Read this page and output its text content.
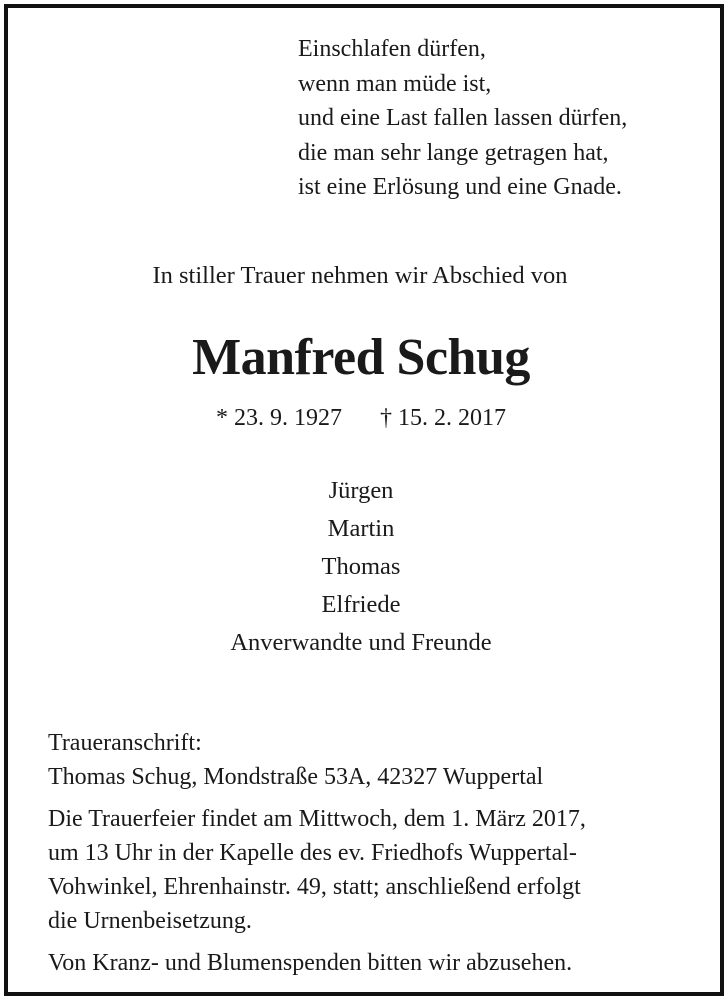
Einschlafen dürfen,
wenn man müde ist,
und eine Last fallen lassen dürfen,
die man sehr lange getragen hat,
ist eine Erlösung und eine Gnade.
In stiller Trauer nehmen wir Abschied von
Manfred Schug
* 23. 9. 1927 † 15. 2. 2017
Jürgen
Martin
Thomas
Elfriede
Anverwandte und Freunde
Traueranschrift:
Thomas Schug, Mondstraße 53A, 42327 Wuppertal
Die Trauerfeier findet am Mittwoch, dem 1. März 2017,
um 13 Uhr in der Kapelle des ev. Friedhofs Wuppertal-
Vohwinkel, Ehrenhainstr. 49, statt; anschließend erfolgt
die Urnenbeisetzung.
Von Kranz- und Blumenspenden bitten wir abzusehen.
